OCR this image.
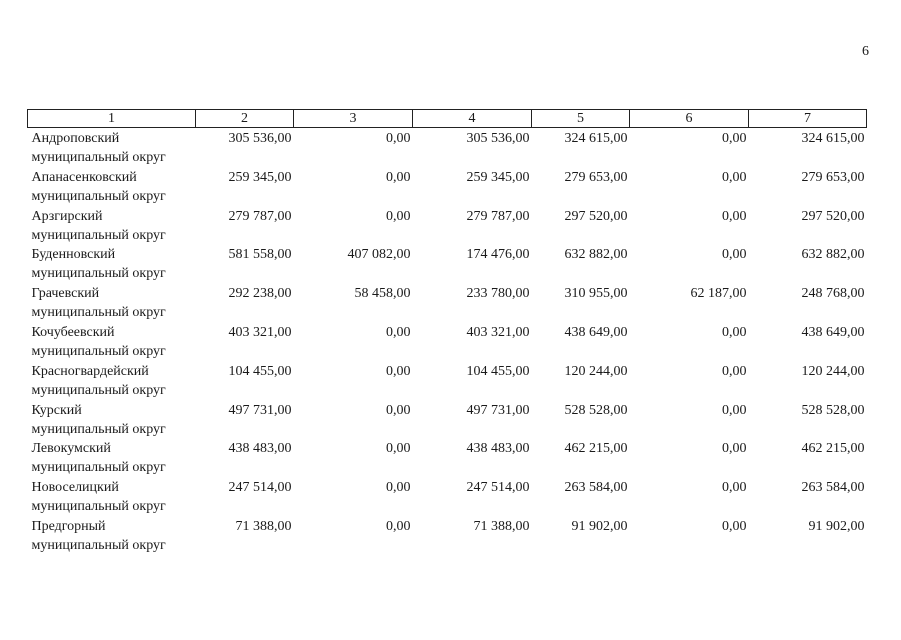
6
1	2	3	4	5	6	7

Андроповский
муниципальный округ	305 536,00	0,00	305 536,00	324 615,00	0,00	324 615,00

Апанасенковский
муниципальный округ	259 345,00	0,00	259 345,00	279 653,00	0,00	279 653,00

Арзгирский
муниципальный округ	279 787,00	0,00	279 787,00	297 520,00	0,00	297 520,00

Буденновский
муниципальный округ	581 558,00	407 082,00	174 476,00	632 882,00	0,00	632 882,00

Грачевский
муниципальный округ	292 238,00	58 458,00	233 780,00	310 955,00	62 187,00	248 768,00

Кочубеевский
муниципальный округ	403 321,00	0,00	403 321,00	438 649,00	0,00	438 649,00

Красногвардейский
муниципальный округ	104 455,00	0,00	104 455,00	120 244,00	0,00	120 244,00

Курский
муниципальный округ	497 731,00	0,00	497 731,00	528 528,00	0,00	528 528,00

Левокумский
муниципальный округ	438 483,00	0,00	438 483,00	462 215,00	0,00	462 215,00

Новоселицкий
муниципальный округ	247 514,00	0,00	247 514,00	263 584,00	0,00	263 584,00

Предгорный
муниципальный округ	71 388,00	0,00	71 388,00	91 902,00	0,00	91 902,00
